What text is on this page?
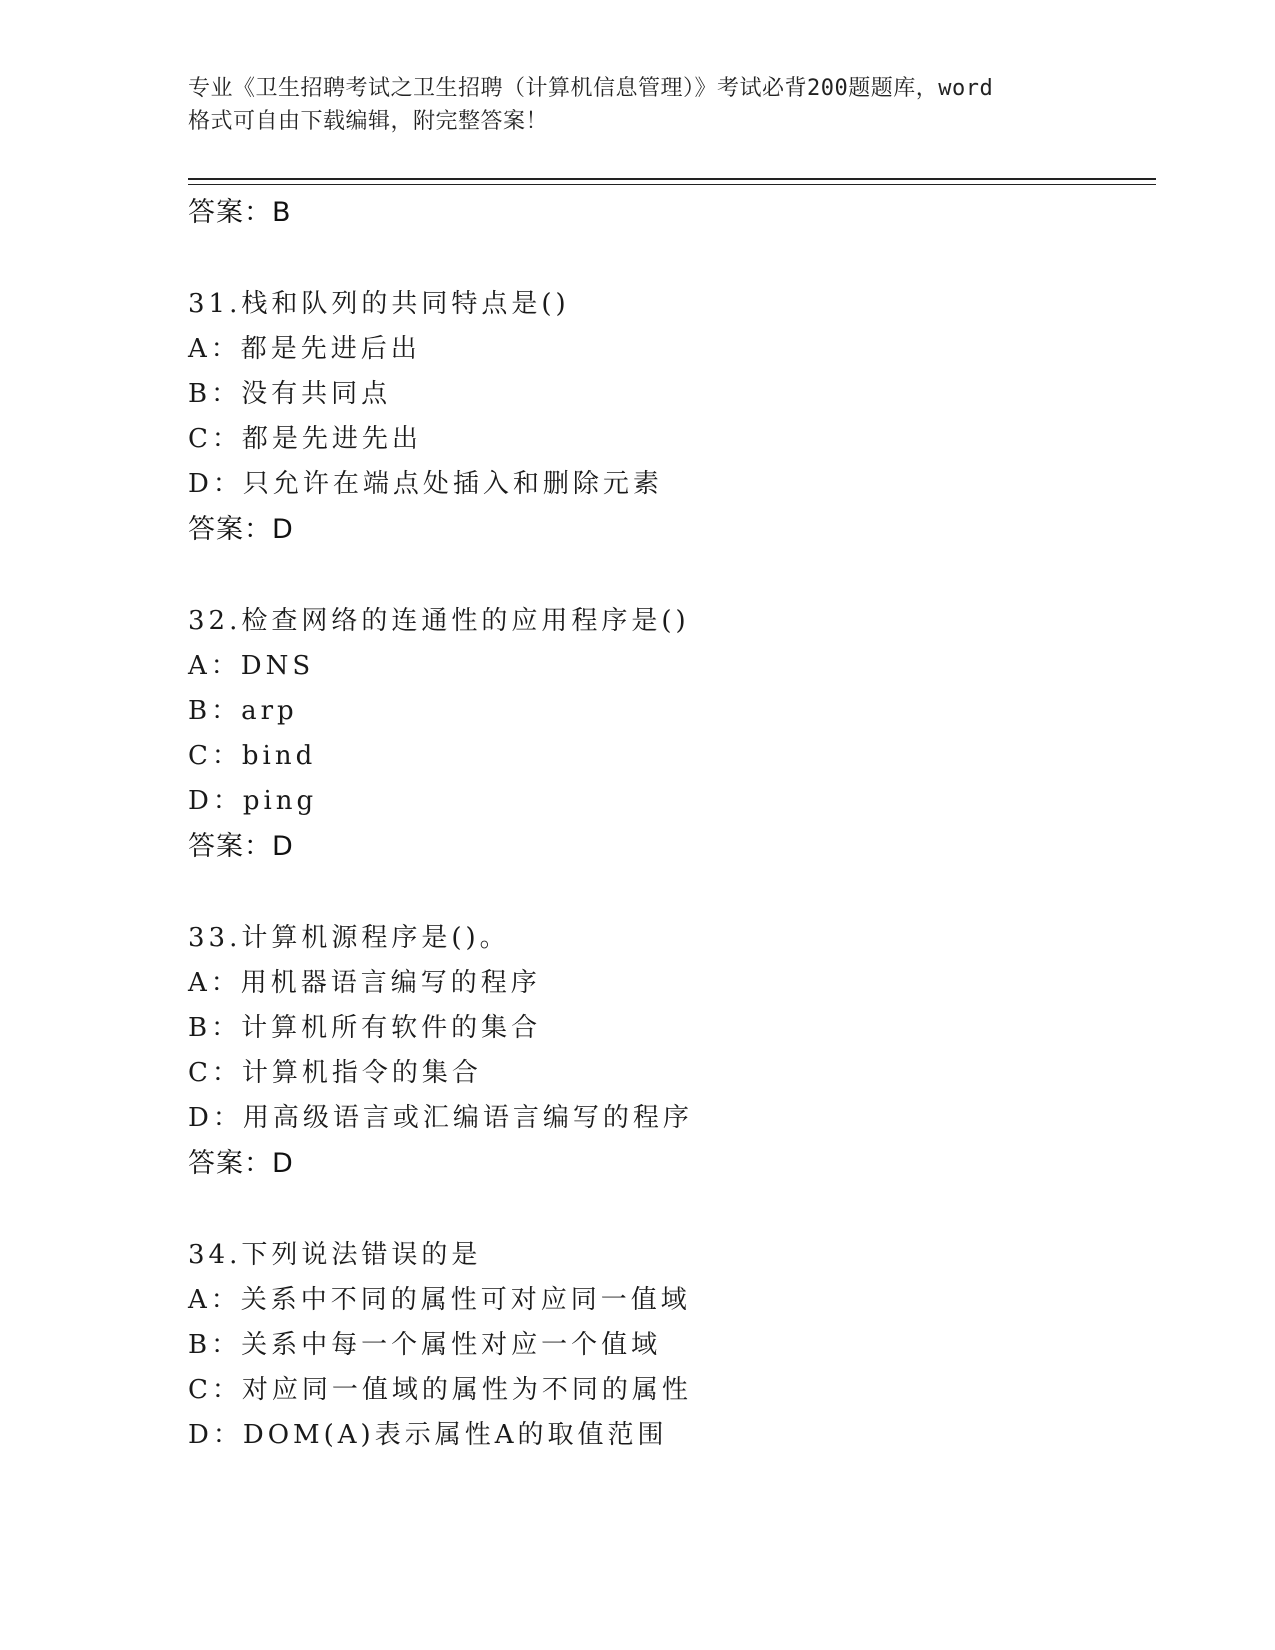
专业《卫生招聘考试之卫生招聘（计算机信息管理）》考试必背200题题库，word
格式可自由下载编辑，附完整答案！
答案：B
31.栈和队列的共同特点是()
A：都是先进后出
B：没有共同点
C：都是先进先出
D：只允许在端点处插入和删除元素
答案：D
32.检查网络的连通性的应用程序是()
A：DNS
B：arp
C：bind
D：ping
答案：D
33.计算机源程序是()。
A：用机器语言编写的程序
B：计算机所有软件的集合
C：计算机指令的集合
D：用高级语言或汇编语言编写的程序
答案：D
34.下列说法错误的是
A：关系中不同的属性可对应同一值域
B：关系中每一个属性对应一个值域
C：对应同一值域的属性为不同的属性
D：DOM(A)表示属性A的取值范围
